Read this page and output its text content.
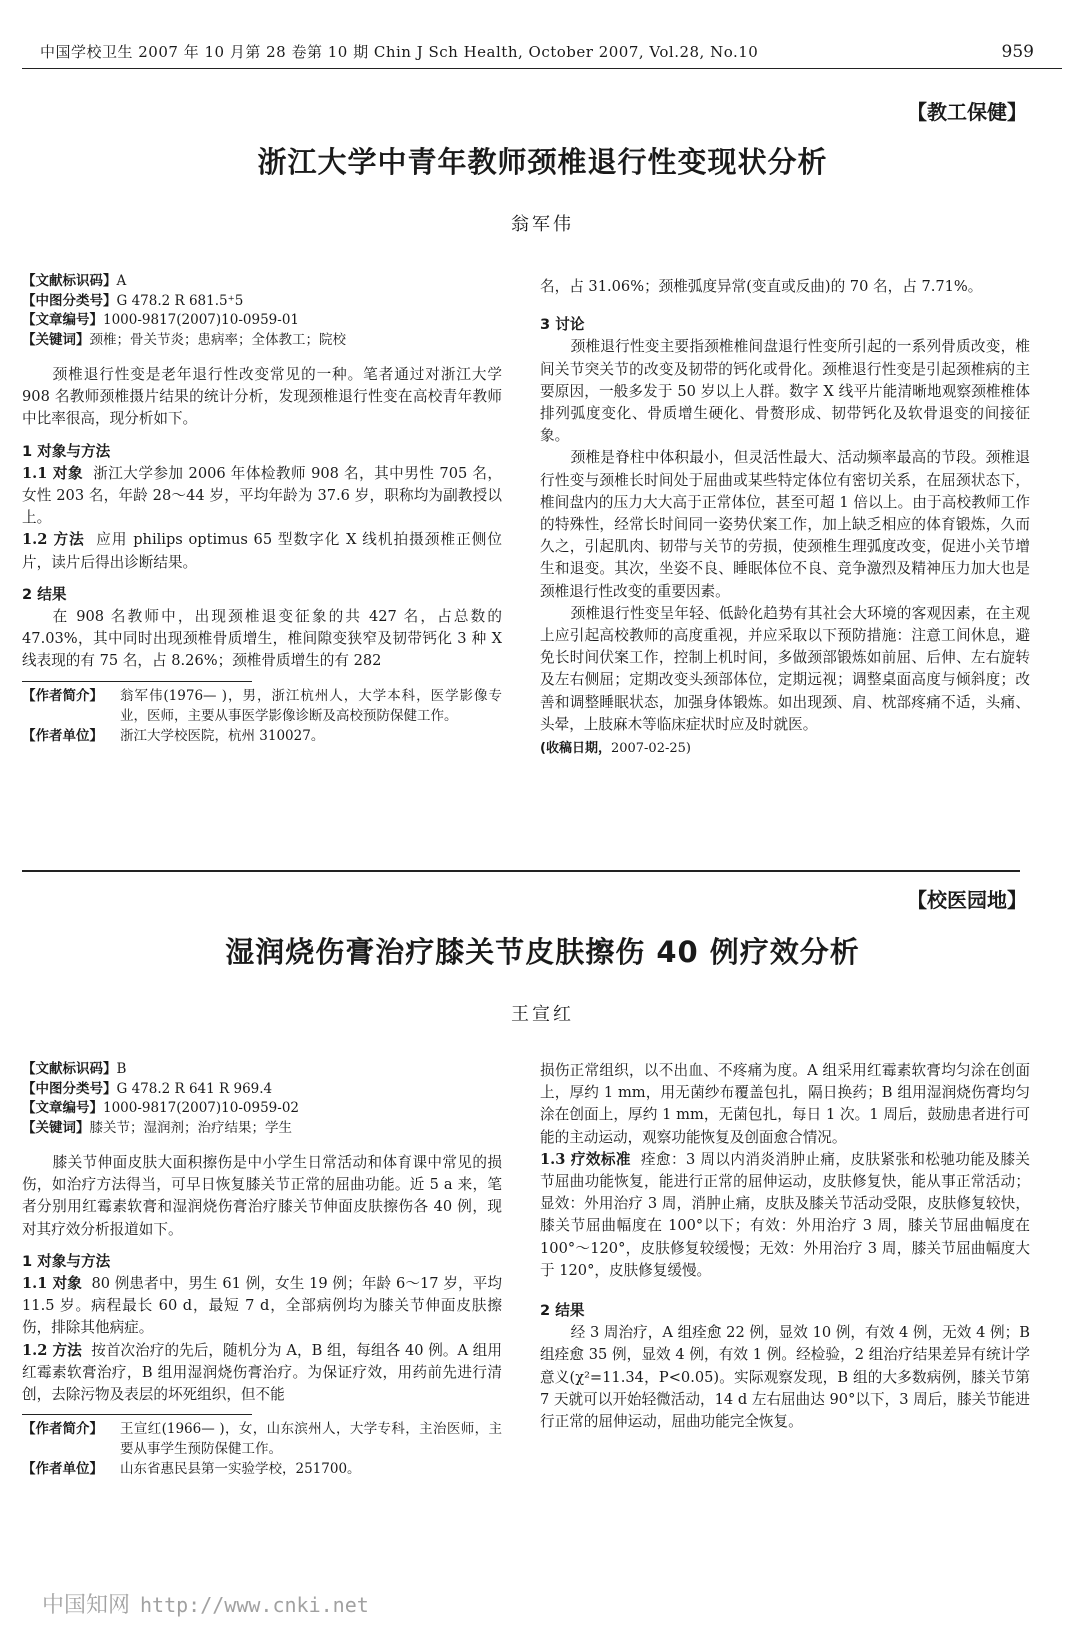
中国学校卫生 2007 年 10 月第 28 卷第 10 期 Chin J Sch Health, October 2007, Vol.28, No.10	959
【教工保健】
浙江大学中青年教师颈椎退行性变现状分析
翁军伟

【文献标识码】A

【中图分类号】G 478.2 R 681.5⁺5

【文章编号】1000-9817(2007)10-0959-01

【关键词】颈椎；骨关节炎；患病率；全体教工；院校

颈椎退行性变是老年退行性改变常见的一种。笔者通过对浙江大学 908 名教师颈椎摄片结果的统计分析，发现颈椎退行性变在高校青年教师中比率很高，现分析如下。

1 对象与方法

1.1 对象 浙江大学参加 2006 年体检教师 908 名，其中男性 705 名，女性 203 名，年龄 28～44 岁，平均年龄为 37.6 岁，职称均为副教授以上。

1.2 方法 应用 philips optimus 65 型数字化 X 线机拍摄颈椎正侧位片，读片后得出诊断结果。

2 结果

在 908 名教师中，出现颈椎退变征象的共 427 名，占总数的 47.03%，其中同时出现颈椎骨质增生，椎间隙变狭窄及韧带钙化 3 种 X 线表现的有 75 名，占 8.26%；颈椎骨质增生的有 282

【作者简介】	翁军伟(1976— )，男，浙江杭州人，大学本科，医学影像专业，医师，主要从事医学影像诊断及高校预防保健工作。
【作者单位】	浙江大学校医院，杭州 310027。

名，占 31.06%；颈椎弧度异常(变直或反曲)的 70 名，占 7.71%。

3 讨论

颈椎退行性变主要指颈椎椎间盘退行性变所引起的一系列骨质改变，椎间关节突关节的改变及韧带的钙化或骨化。颈椎退行性变是引起颈椎病的主要原因，一般多发于 50 岁以上人群。数字 X 线平片能清晰地观察颈椎椎体排列弧度变化、骨质增生硬化、骨赘形成、韧带钙化及软骨退变的间接征象。

颈椎是脊柱中体积最小，但灵活性最大、活动频率最高的节段。颈椎退行性变与颈椎长时间处于屈曲或某些特定体位有密切关系，在屈颈状态下，椎间盘内的压力大大高于正常体位，甚至可超 1 倍以上。由于高校教师工作的特殊性，经常长时间同一姿势伏案工作，加上缺乏相应的体育锻炼，久而久之，引起肌肉、韧带与关节的劳损，使颈椎生理弧度改变，促进小关节增生和退变。其次，坐姿不良、睡眠体位不良、竞争激烈及精神压力加大也是颈椎退行性改变的重要因素。

颈椎退行性变呈年轻、低龄化趋势有其社会大环境的客观因素，在主观上应引起高校教师的高度重视，并应采取以下预防措施：注意工间休息，避免长时间伏案工作，控制上机时间，多做颈部锻炼如前屈、后伸、左右旋转及左右侧屈；定期改变头颈部体位，定期远视；调整桌面高度与倾斜度；改善和调整睡眠状态，加强身体锻炼。如出现颈、肩、枕部疼痛不适，头痛、头晕，上肢麻木等临床症状时应及时就医。

(收稿日期，2007-02-25)

【校医园地】
湿润烧伤膏治疗膝关节皮肤擦伤 40 例疗效分析
王宣红

【文献标识码】B

【中图分类号】G 478.2 R 641 R 969.4

【文章编号】1000-9817(2007)10-0959-02

【关键词】膝关节；湿润剂；治疗结果；学生

膝关节伸面皮肤大面积擦伤是中小学生日常活动和体育课中常见的损伤，如治疗方法得当，可早日恢复膝关节正常的屈曲功能。近 5 a 来，笔者分别用红霉素软膏和湿润烧伤膏治疗膝关节伸面皮肤擦伤各 40 例，现对其疗效分析报道如下。

1 对象与方法

1.1 对象 80 例患者中，男生 61 例，女生 19 例；年龄 6～17 岁，平均 11.5 岁。病程最长 60 d，最短 7 d，全部病例均为膝关节伸面皮肤擦伤，排除其他病症。

1.2 方法 按首次治疗的先后，随机分为 A，B 组，每组各 40 例。A 组用红霉素软膏治疗，B 组用湿润烧伤膏治疗。为保证疗效，用药前先进行清创，去除污物及表层的坏死组织，但不能

【作者简介】	王宣红(1966— )，女，山东滨州人，大学专科，主治医师，主要从事学生预防保健工作。
【作者单位】	山东省惠民县第一实验学校，251700。

损伤正常组织，以不出血、不疼痛为度。A 组采用红霉素软膏均匀涂在创面上，厚约 1 mm，用无菌纱布覆盖包扎，隔日换药；B 组用湿润烧伤膏均匀涂在创面上，厚约 1 mm，无菌包扎，每日 1 次。1 周后，鼓励患者进行可能的主动运动，观察功能恢复及创面愈合情况。

1.3 疗效标准 痊愈：3 周以内消炎消肿止痛，皮肤紧张和松驰功能及膝关节屈曲功能恢复，能进行正常的屈伸运动，皮肤修复快，能从事正常活动；显效：外用治疗 3 周，消肿止痛，皮肤及膝关节活动受限，皮肤修复较快，膝关节屈曲幅度在 100°以下；有效：外用治疗 3 周，膝关节屈曲幅度在 100°～120°，皮肤修复较缓慢；无效：外用治疗 3 周，膝关节屈曲幅度大于 120°，皮肤修复缓慢。

2 结果

经 3 周治疗，A 组痊愈 22 例，显效 10 例，有效 4 例，无效 4 例；B 组痊愈 35 例，显效 4 例，有效 1 例。经检验，2 组治疗结果差异有统计学意义(χ²=11.34，P<0.05)。实际观察发现，B 组的大多数病例，膝关节第 7 天就可以开始轻微活动，14 d 左右屈曲达 90°以下，3 周后，膝关节能进行正常的屈伸运动，屈曲功能完全恢复。

中国知网 http://www.cnki.net
